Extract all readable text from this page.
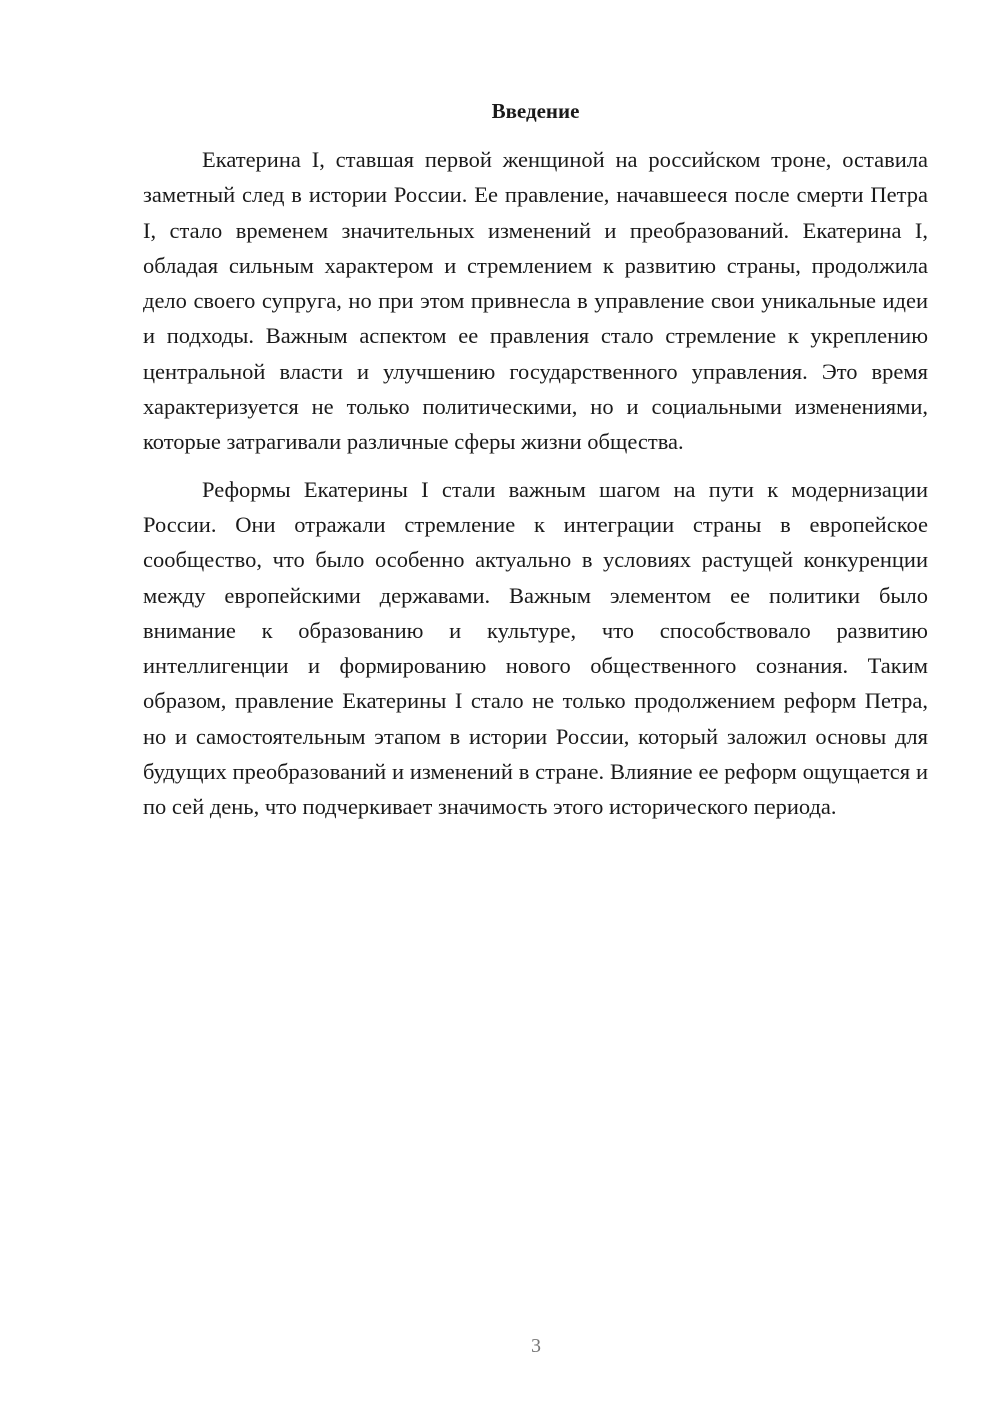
Введение

Екатерина I, ставшая первой женщиной на российском троне, оставила заметный след в истории России. Ее правление, начавшееся после смерти Петра I, стало временем значительных изменений и преобразований. Екатерина I, обладая сильным характером и стремлением к развитию страны, продолжила дело своего супруга, но при этом привнесла в управление свои уникальные идеи и подходы. Важным аспектом ее правления стало стремление к укреплению центральной власти и улучшению государственного управления. Это время характеризуется не только политическими, но и социальными изменениями, которые затрагивали различные сферы жизни общества.

Реформы Екатерины I стали важным шагом на пути к модернизации России. Они отражали стремление к интеграции страны в европейское сообщество, что было особенно актуально в условиях растущей конкуренции между европейскими державами. Важным элементом ее политики было внимание к образованию и культуре, что способствовало развитию интеллигенции и формированию нового общественного сознания. Таким образом, правление Екатерины I стало не только продолжением реформ Петра, но и самостоятельным этапом в истории России, который заложил основы для будущих преобразований и изменений в стране. Влияние ее реформ ощущается и по сей день, что подчеркивает значимость этого исторического периода.

3
